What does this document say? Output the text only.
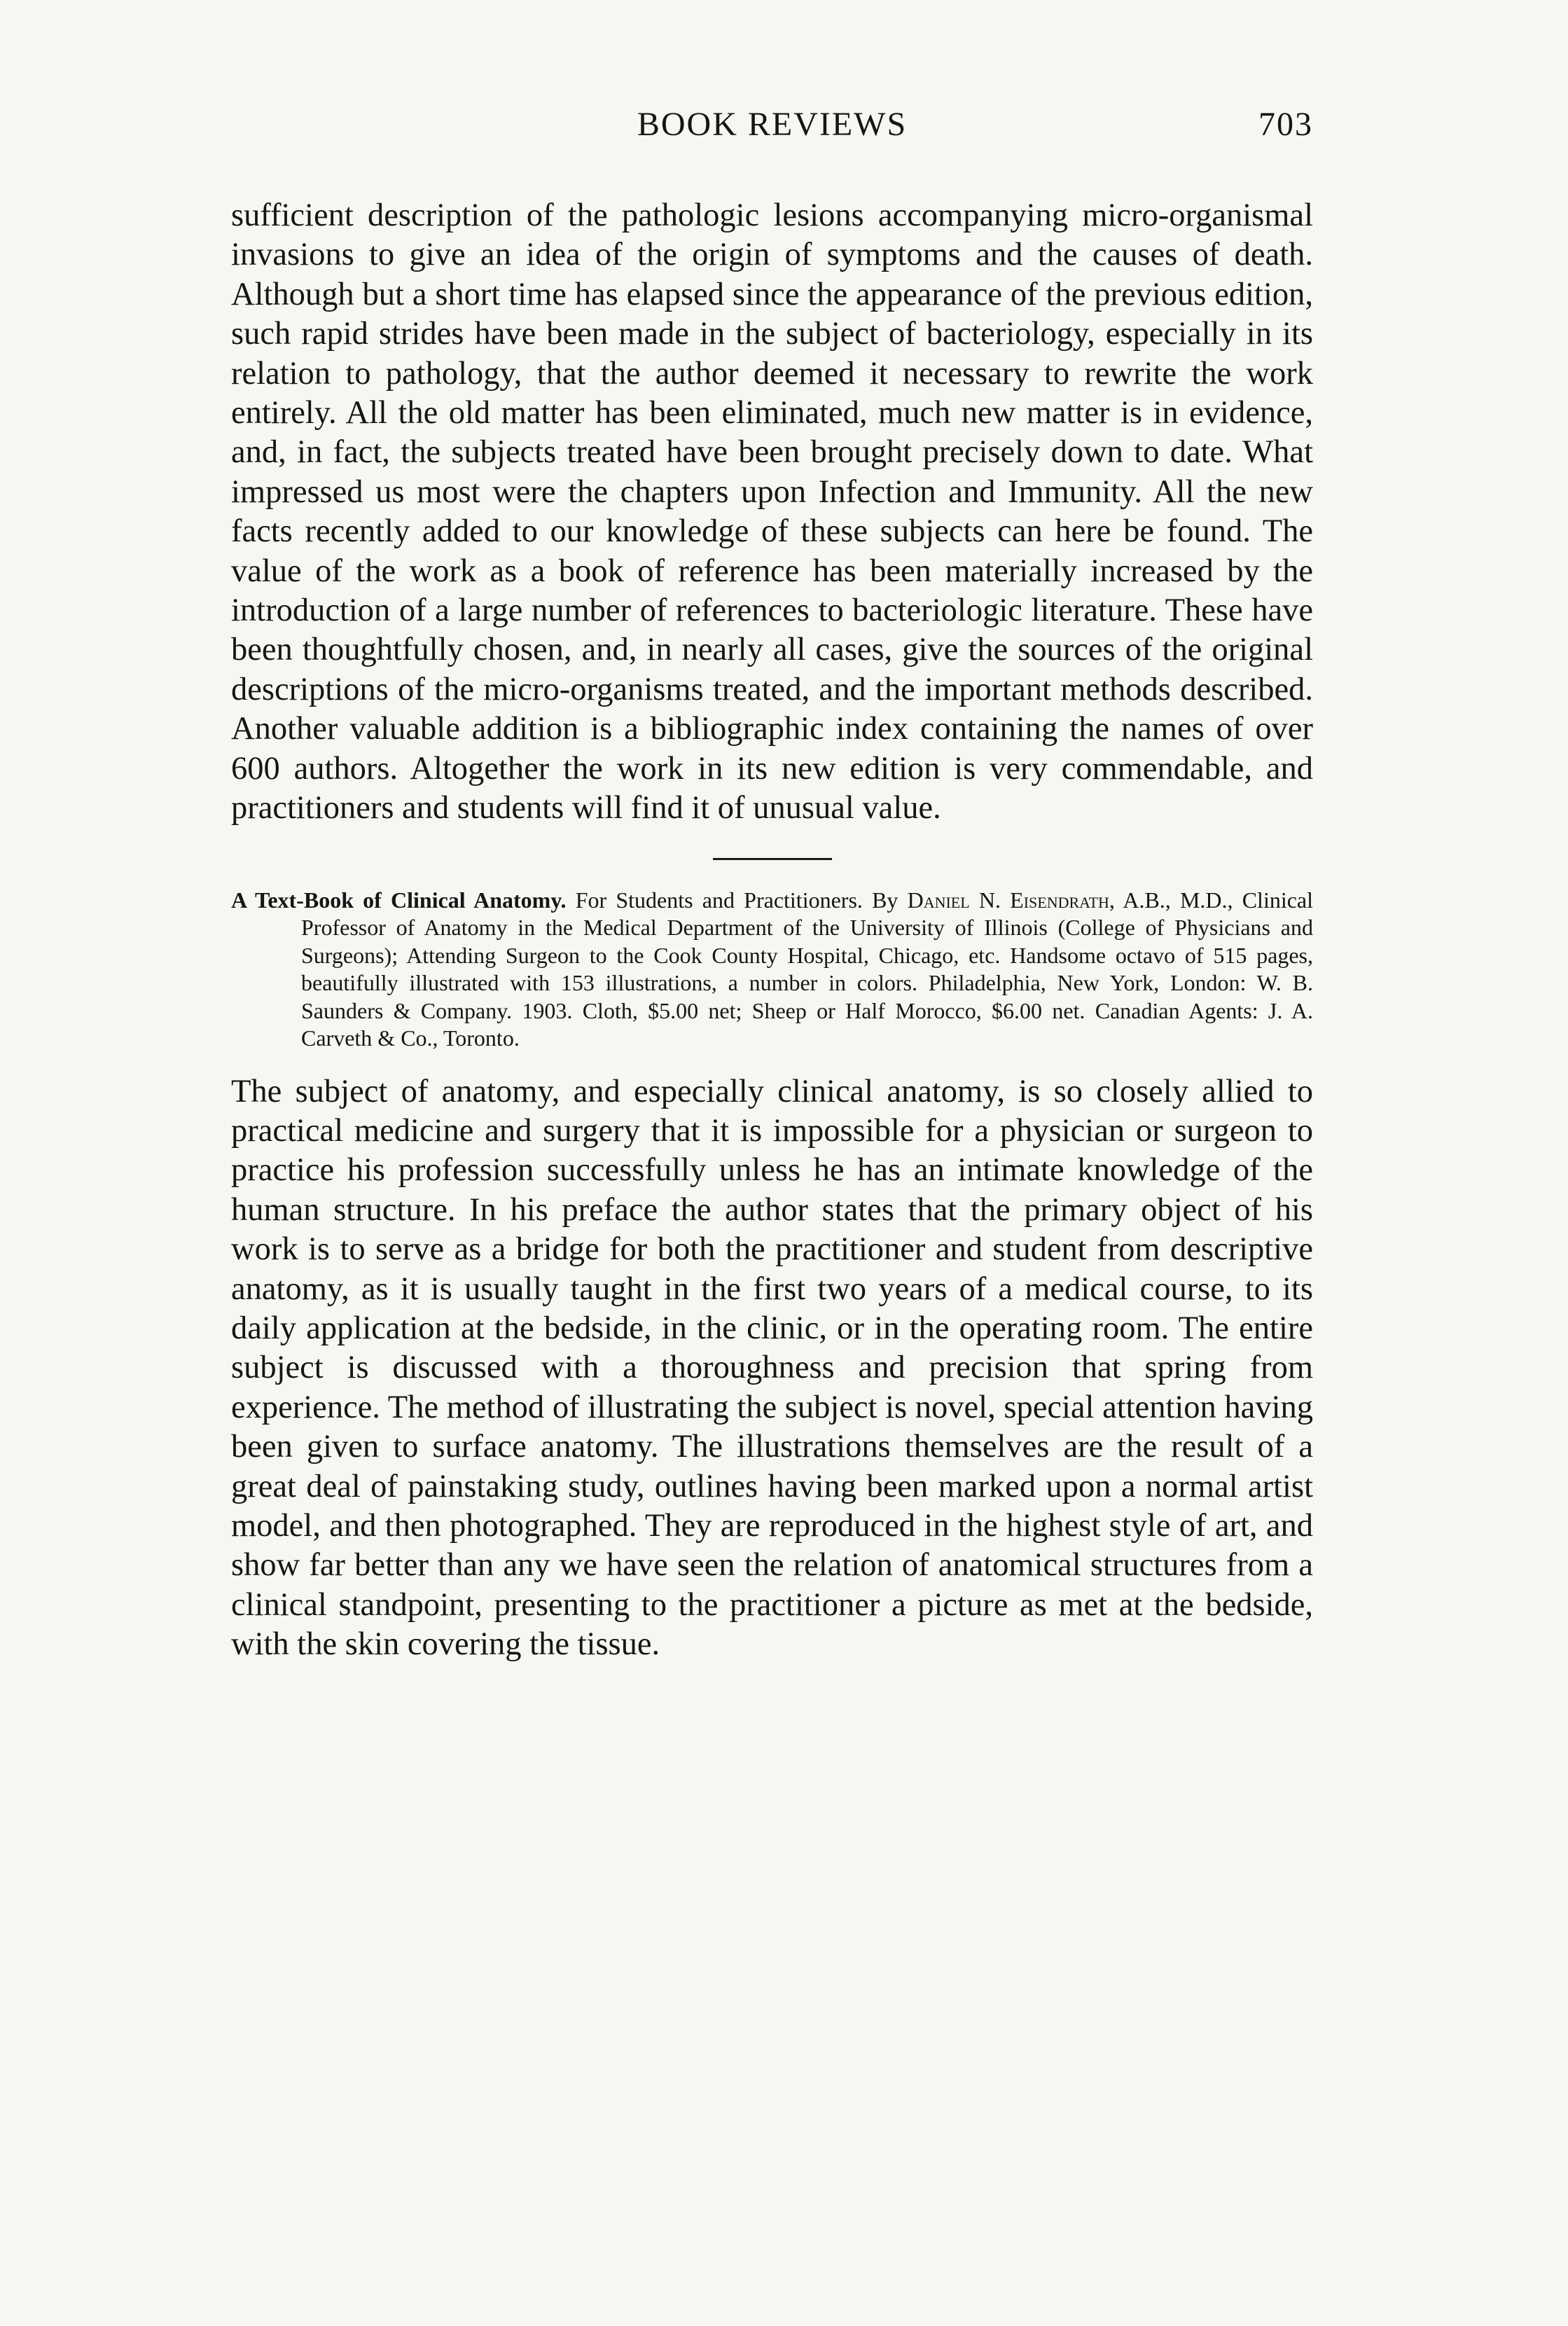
BOOK REVIEWS	703

sufficient description of the pathologic lesions accompanying micro-organismal invasions to give an idea of the origin of symptoms and the causes of death. Although but a short time has elapsed since the appearance of the previous edition, such rapid strides have been made in the subject of bacteriology, especially in its relation to pathology, that the author deemed it necessary to rewrite the work entirely. All the old matter has been eliminated, much new matter is in evidence, and, in fact, the subjects treated have been brought precisely down to date. What impressed us most were the chapters upon Infection and Immunity. All the new facts recently added to our knowledge of these subjects can here be found. The value of the work as a book of reference has been materially increased by the introduction of a large number of references to bacteriologic literature. These have been thoughtfully chosen, and, in nearly all cases, give the sources of the original descriptions of the micro-organisms treated, and the important methods described. Another valuable addition is a bibliographic index containing the names of over 600 authors. Altogether the work in its new edition is very commendable, and practitioners and students will find it of unusual value.

A Text-Book of Clinical Anatomy. For Students and Practitioners. By Daniel N. Eisendrath, A.B., M.D., Clinical Professor of Anatomy in the Medical Department of the University of Illinois (College of Physicians and Surgeons); Attending Surgeon to the Cook County Hospital, Chicago, etc. Handsome octavo of 515 pages, beautifully illustrated with 153 illustrations, a number in colors. Philadelphia, New York, London: W. B. Saunders & Company. 1903. Cloth, $5.00 net; Sheep or Half Morocco, $6.00 net. Canadian Agents: J. A. Carveth & Co., Toronto.

The subject of anatomy, and especially clinical anatomy, is so closely allied to practical medicine and surgery that it is impossible for a physician or surgeon to practice his profession successfully unless he has an intimate knowledge of the human structure. In his preface the author states that the primary object of his work is to serve as a bridge for both the practitioner and student from descriptive anatomy, as it is usually taught in the first two years of a medical course, to its daily application at the bedside, in the clinic, or in the operating room. The entire subject is discussed with a thoroughness and precision that spring from experience. The method of illustrating the subject is novel, special attention having been given to surface anatomy. The illustrations themselves are the result of a great deal of painstaking study, outlines having been marked upon a normal artist model, and then photographed. They are reproduced in the highest style of art, and show far better than any we have seen the relation of anatomical structures from a clinical standpoint, presenting to the practitioner a picture as met at the bedside, with the skin covering the tissue.
